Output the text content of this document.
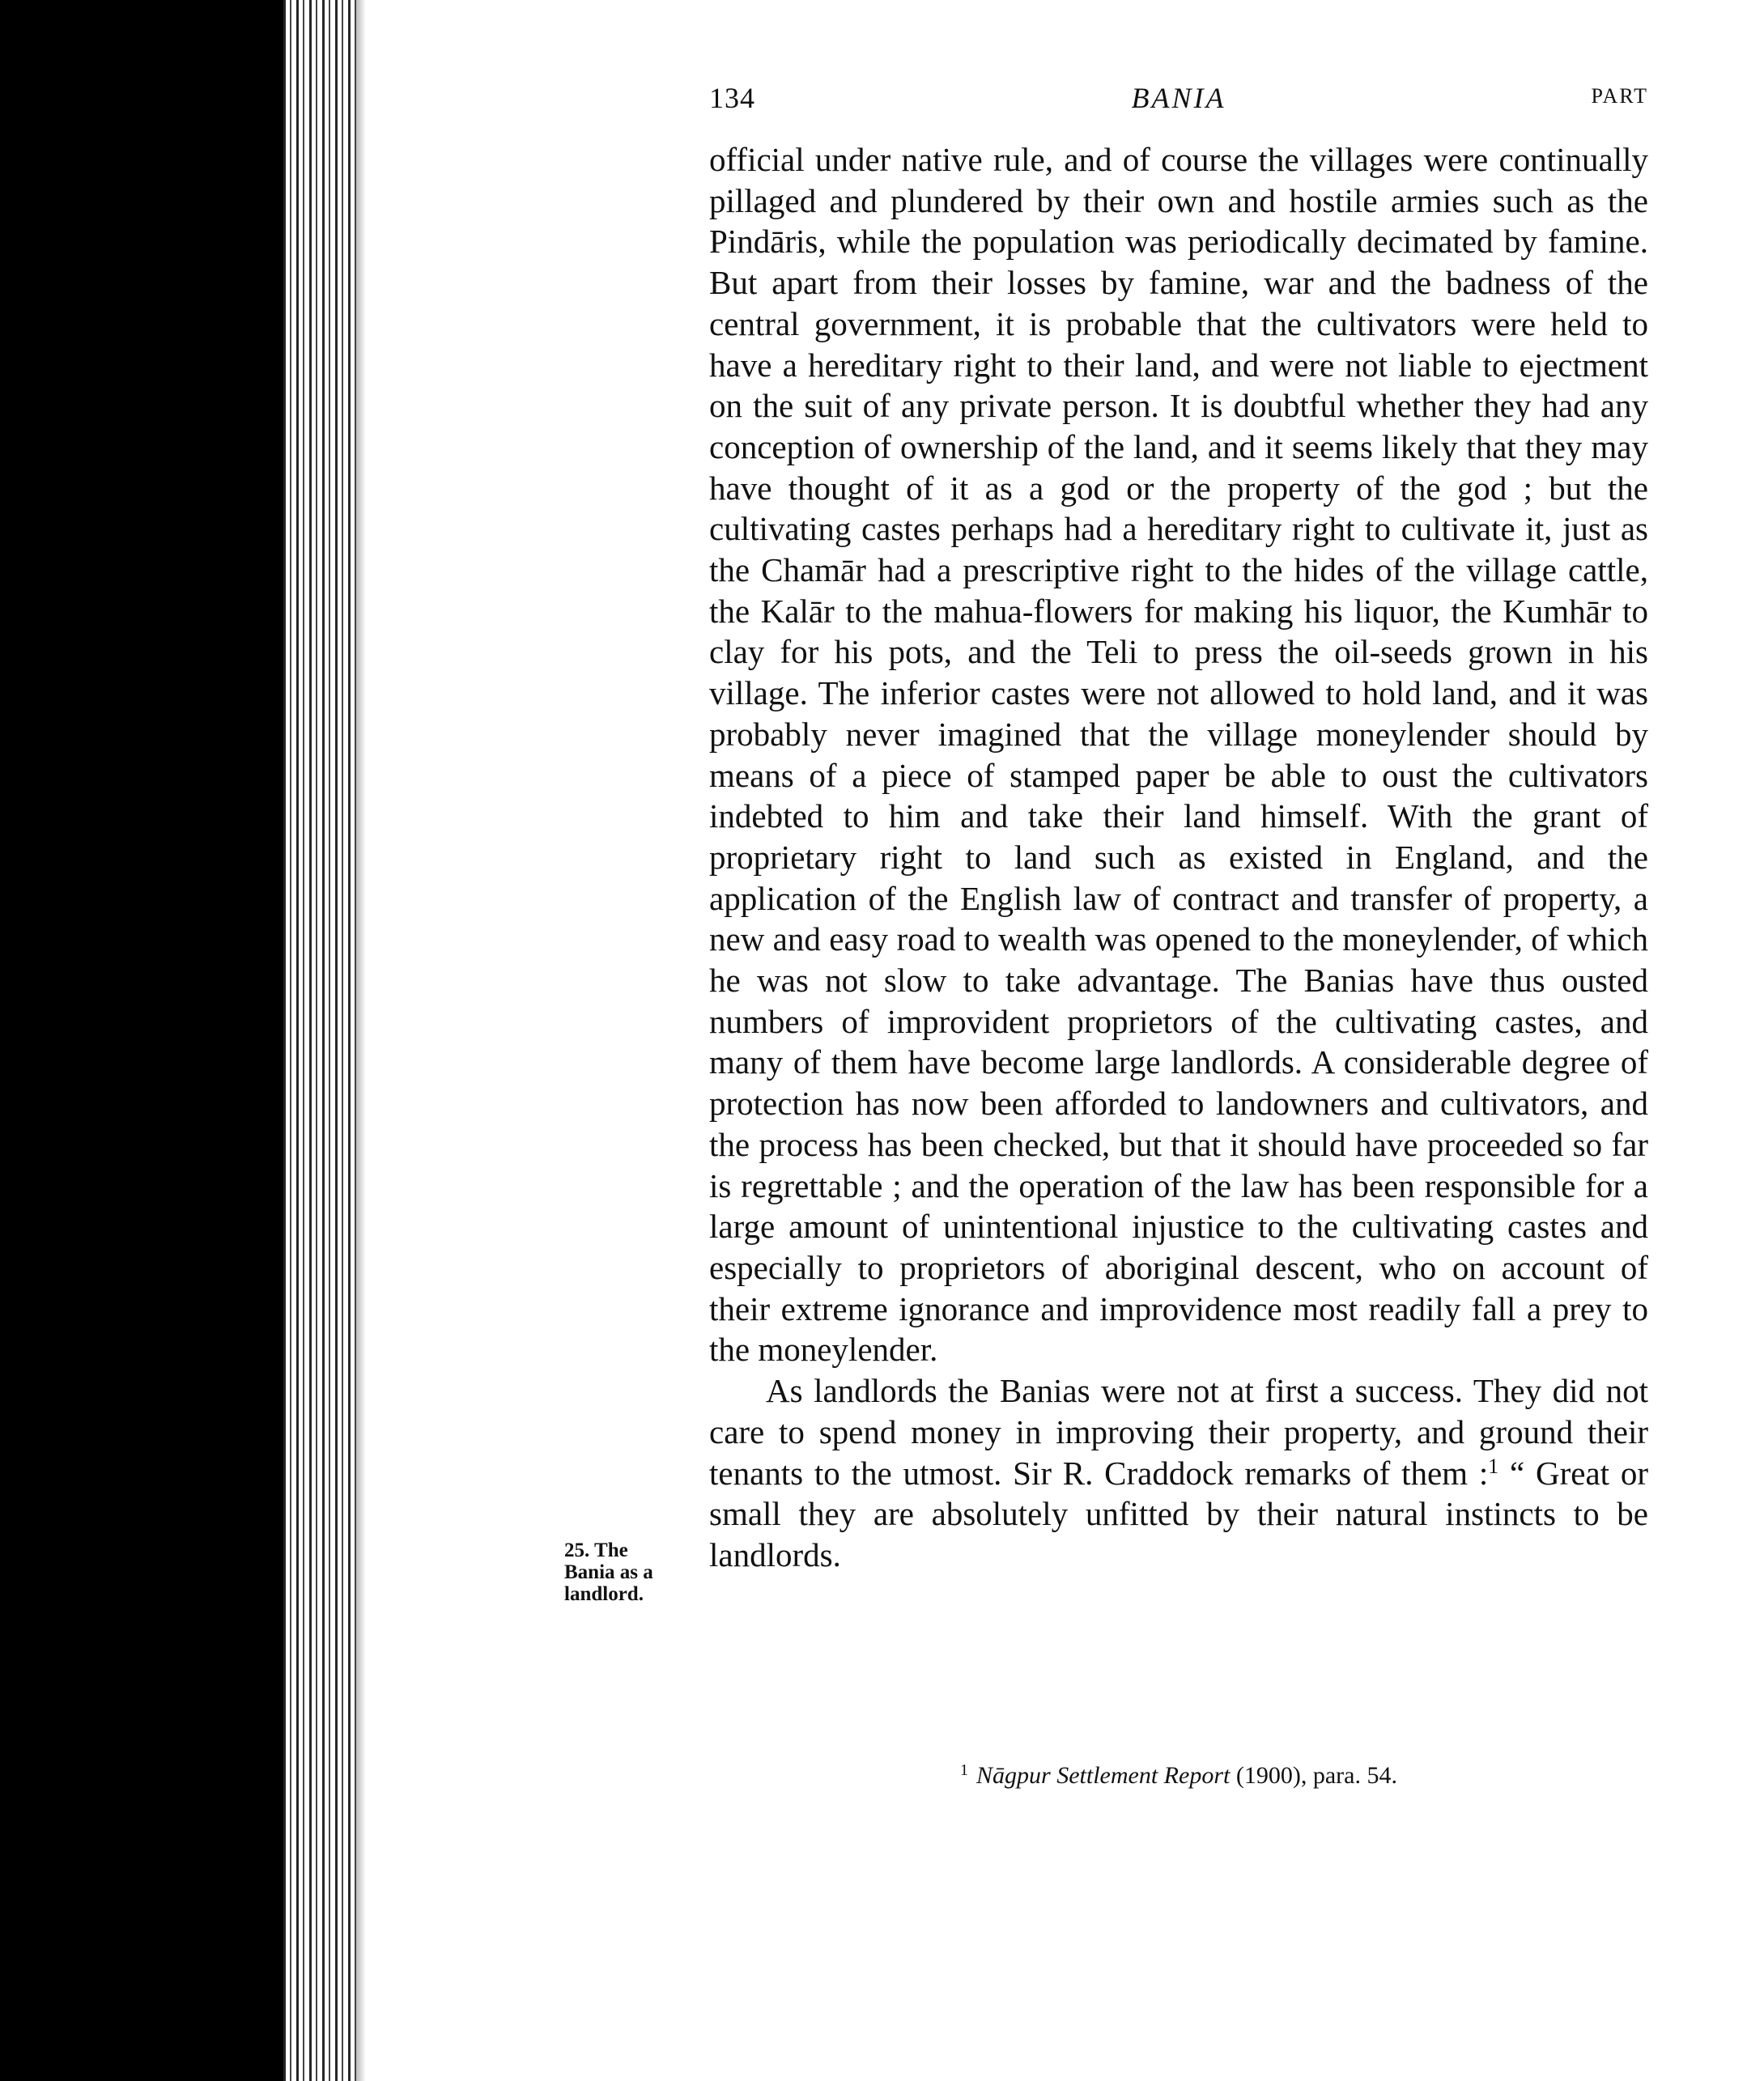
134	BANIA	PART

official under native rule, and of course the villages were continually pillaged and plundered by their own and hostile armies such as the Pindāris, while the population was periodically decimated by famine. But apart from their losses by famine, war and the badness of the central government, it is probable that the cultivators were held to have a hereditary right to their land, and were not liable to ejectment on the suit of any private person. It is doubtful whether they had any conception of ownership of the land, and it seems likely that they may have thought of it as a god or the property of the god ; but the cultivating castes perhaps had a hereditary right to cultivate it, just as the Chamār had a prescriptive right to the hides of the village cattle, the Kalār to the mahua-flowers for making his liquor, the Kumhār to clay for his pots, and the Teli to press the oil-seeds grown in his village. The inferior castes were not allowed to hold land, and it was probably never imagined that the village moneylender should by means of a piece of stamped paper be able to oust the cultivators indebted to him and take their land himself. With the grant of proprietary right to land such as existed in England, and the application of the English law of contract and transfer of property, a new and easy road to wealth was opened to the moneylender, of which he was not slow to take advantage. The Banias have thus ousted numbers of improvident proprietors of the cultivating castes, and many of them have become large landlords. A considerable degree of protection has now been afforded to landowners and cultivators, and the process has been checked, but that it should have proceeded so far is regrettable ; and the operation of the law has been responsible for a large amount of unintentional injustice to the cultivating castes and especially to proprietors of aboriginal descent, who on account of their extreme ignorance and improvidence most readily fall a prey to the moneylender.

As landlords the Banias were not at first a success. They did not care to spend money in improving their property, and ground their tenants to the utmost. Sir R. Craddock remarks of them :$^1$ “ Great or small they are absolutely unfitted by their natural instincts to be landlords.

25. The
Bania as a
landlord.
$^1$ Nāgpur Settlement Report (1900), para. 54.
